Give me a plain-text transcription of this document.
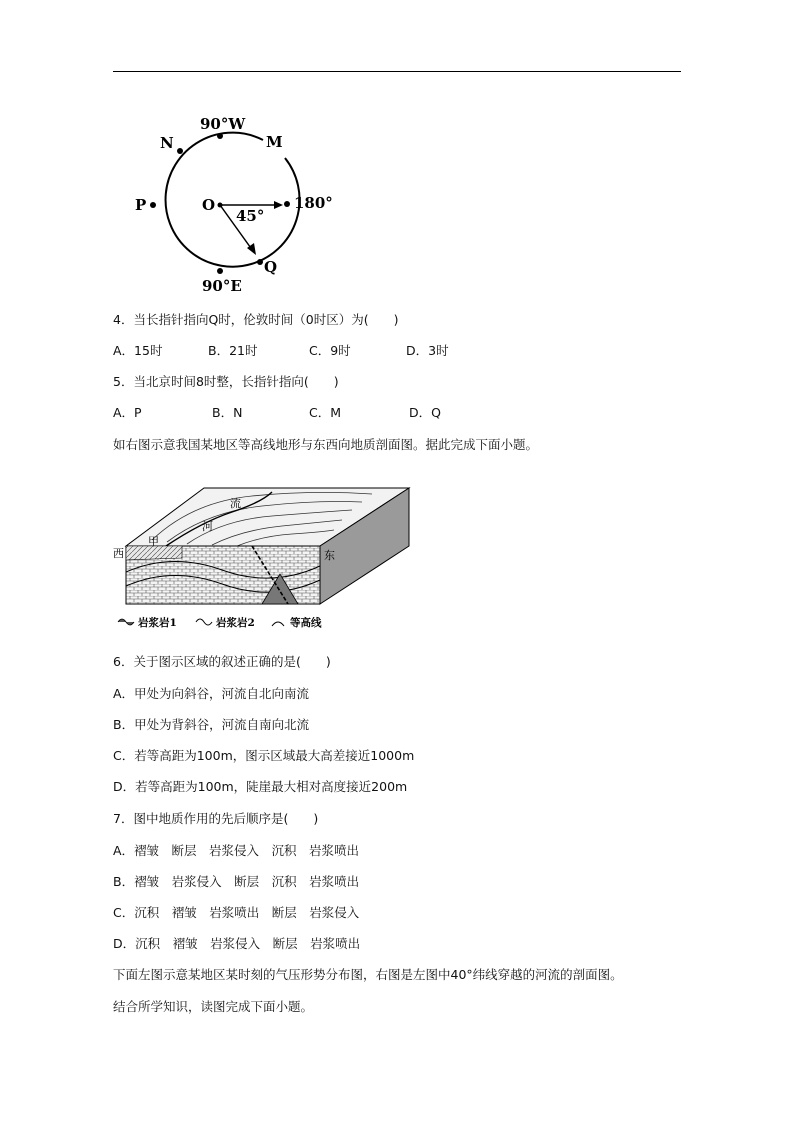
90°W
N	M
P	O
45°
180°
Q
90°E
4．当长指针指向Q时，伦敦时间（0时区）为(　　)

A．15时

	B．21时

	C．9时

	D．3时

5．当北京时间8时整，长指针指向(　　)

A．P

	B．N

	C．M

	D．Q

如右图示意我国某地区等高线地形与东西向地质剖面图。据此完成下面小题。
流
河
甲
西	东
岩浆岩1	岩浆岩2	等高线
6．关于图示区域的叙述正确的是(　　)
A．甲处为向斜谷，河流自北向南流
B．甲处为背斜谷，河流自南向北流
C．若等高距为100m，图示区域最大高差接近1000m
D．若等高距为100m，陡崖最大相对高度接近200m
7．图中地质作用的先后顺序是(　　)
A．褶皱　断层　岩浆侵入　沉积　岩浆喷出
B．褶皱　岩浆侵入　断层　沉积　岩浆喷出
C．沉积　褶皱　岩浆喷出　断层　岩浆侵入
D．沉积　褶皱　岩浆侵入　断层　岩浆喷出
下面左图示意某地区某时刻的气压形势分布图，右图是左图中40°纬线穿越的河流的剖面图。
结合所学知识，读图完成下面小题。
